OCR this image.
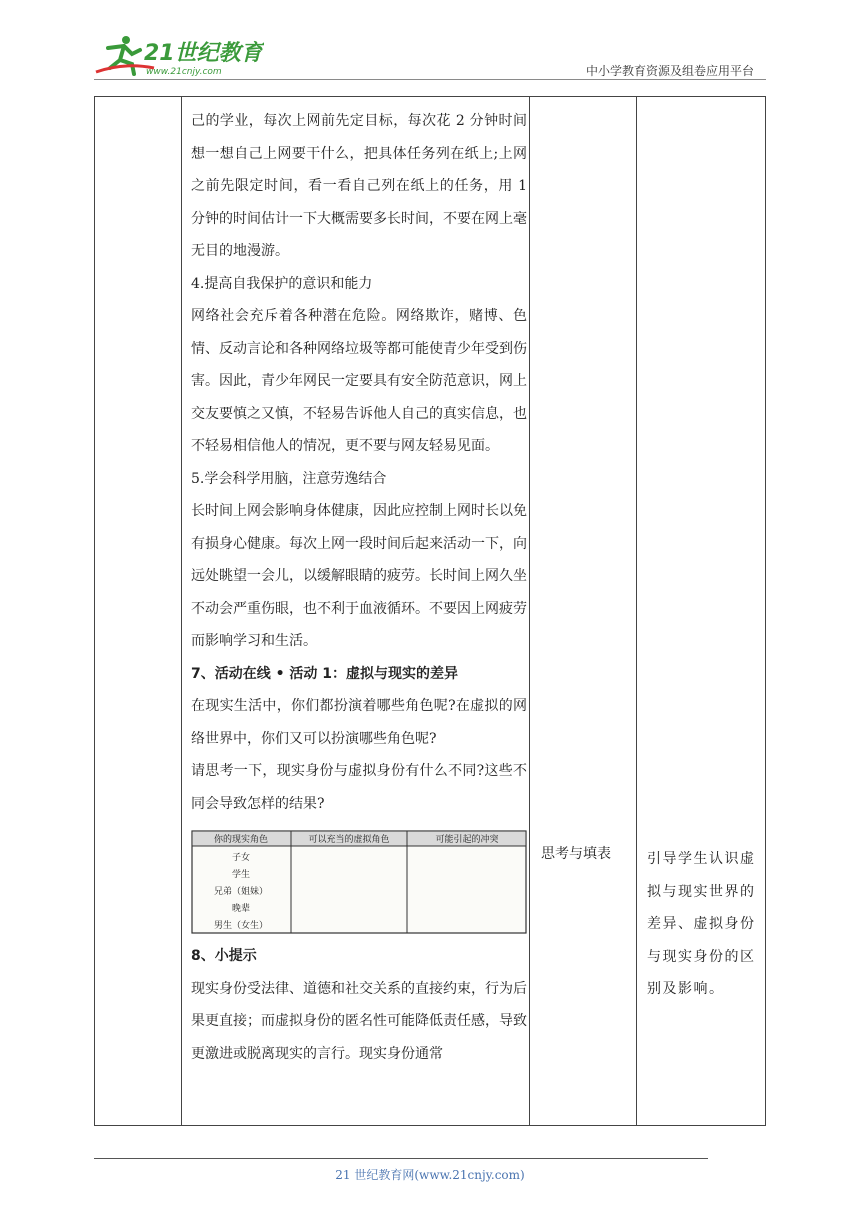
21世纪教育
www.21cnjy.com	中小学教育资源及组卷应用平台

己的学业，每次上网前先定目标，每次花 2 分钟时间想一想自己上网要干什么，把具体任务列在纸上;上网之前先限定时间，看一看自己列在纸上的任务，用 1 分钟的时间估计一下大概需要多长时间，不要在网上毫无目的地漫游。

4.提高自我保护的意识和能力

网络社会充斥着各种潜在危险。网络欺诈，赌博、色情、反动言论和各种网络垃圾等都可能使青少年受到伤害。因此，青少年网民一定要具有安全防范意识，网上交友要慎之又慎，不轻易告诉他人自己的真实信息，也不轻易相信他人的情况，更不要与网友轻易见面。

5.学会科学用脑，注意劳逸结合

长时间上网会影响身体健康，因此应控制上网时长以免有损身心健康。每次上网一段时间后起来活动一下，向远处眺望一会儿，以缓解眼睛的疲劳。长时间上网久坐不动会严重伤眼，也不利于血液循环。不要因上网疲劳而影响学习和生活。

7、活动在线 • 活动 1：虚拟与现实的差异

在现实生活中，你们都扮演着哪些角色呢?在虚拟的网络世界中，你们又可以扮演哪些角色呢?

请思考一下，现实身份与虚拟身份有什么不同?这些不同会导致怎样的结果?

你的现实角色	可以充当的虚拟角色	可能引起的冲突
子女
学生
兄弟（姐妹）
晚辈
男生（女生）

8、小提示

现实身份受法律、道德和社交关系的直接约束，行为后果更直接；而虚拟身份的匿名性可能降低责任感，导致更激进或脱离现实的言行。现实身份通常

思考与填表	引导学生认识虚拟与现实世界的差异、虚拟身份与现实身份的区别及影响。
21 世纪教育网(www.21cnjy.com)
